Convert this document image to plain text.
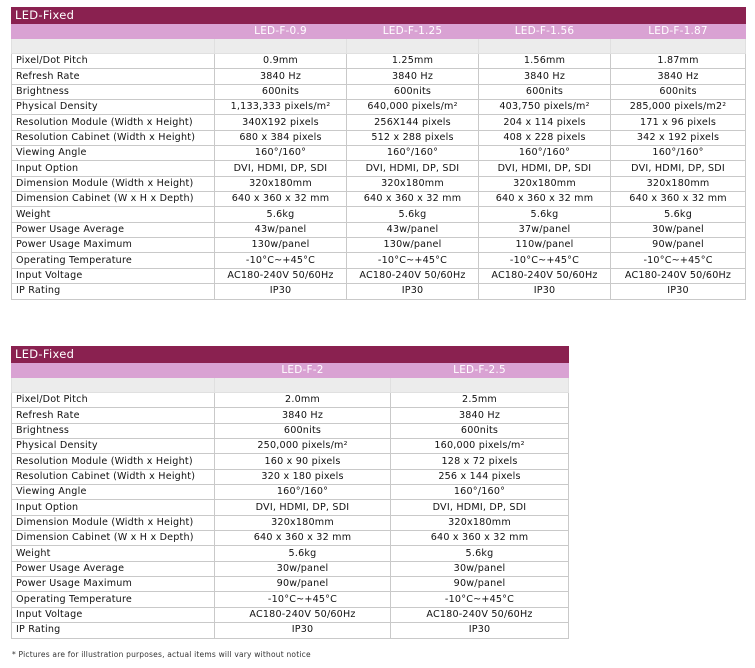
LED-Fixed				
	LED-F-0.9	LED-F-1.25	LED-F-1.56	LED-F-1.87

Pixel/Dot Pitch	0.9mm	1.25mm	1.56mm	1.87mm
Refresh Rate	3840 Hz	3840 Hz	3840 Hz	3840 Hz
Brightness	600nits	600nits	600nits	600nits
Physical Density	1,133,333 pixels/m²	640,000 pixels/m²	403,750 pixels/m²	285,000 pixels/m2²
Resolution Module (Width x Height)	340X192 pixels	256X144 pixels	204 x 114 pixels	171 x 96 pixels
Resolution Cabinet (Width x Height)	680 x 384 pixels	512 x 288 pixels	408 x 228 pixels	342 x 192 pixels
Viewing Angle	160°/160°	160°/160°	160°/160°	160°/160°
Input Option	DVI, HDMI, DP, SDI	DVI, HDMI, DP, SDI	DVI, HDMI, DP, SDI	DVI, HDMI, DP, SDI
Dimension Module (Width x Height)	320x180mm	320x180mm	320x180mm	320x180mm
Dimension Cabinet (W x H x Depth)	640 x 360 x 32 mm	640 x 360 x 32 mm	640 x 360 x 32 mm	640 x 360 x 32 mm
Weight	5.6kg	5.6kg	5.6kg	5.6kg
Power Usage Average	43w/panel	43w/panel	37w/panel	30w/panel
Power Usage Maximum	130w/panel	130w/panel	110w/panel	90w/panel
Operating Temperature	-10°C~+45°C	-10°C~+45°C	-10°C~+45°C	-10°C~+45°C
Input Voltage	AC180-240V 50/60Hz	AC180-240V 50/60Hz	AC180-240V 50/60Hz	AC180-240V 50/60Hz
IP Rating	IP30	IP30	IP30	IP30
LED-Fixed		
	LED-F-2	LED-F-2.5

Pixel/Dot Pitch	2.0mm	2.5mm
Refresh Rate	3840 Hz	3840 Hz
Brightness	600nits	600nits
Physical Density	250,000 pixels/m²	160,000 pixels/m²
Resolution Module (Width x Height)	160 x 90 pixels	128 x 72 pixels
Resolution Cabinet (Width x Height)	320 x 180 pixels	256 x 144 pixels
Viewing Angle	160°/160°	160°/160°
Input Option	DVI, HDMI, DP, SDI	DVI, HDMI, DP, SDI
Dimension Module (Width x Height)	320x180mm	320x180mm
Dimension Cabinet (W x H x Depth)	640 x 360 x 32 mm	640 x 360 x 32 mm
Weight	5.6kg	5.6kg
Power Usage Average	30w/panel	30w/panel
Power Usage Maximum	90w/panel	90w/panel
Operating Temperature	-10°C~+45°C	-10°C~+45°C
Input Voltage	AC180-240V 50/60Hz	AC180-240V 50/60Hz
IP Rating	IP30	IP30
* Pictures are for illustration purposes, actual items will vary without notice
